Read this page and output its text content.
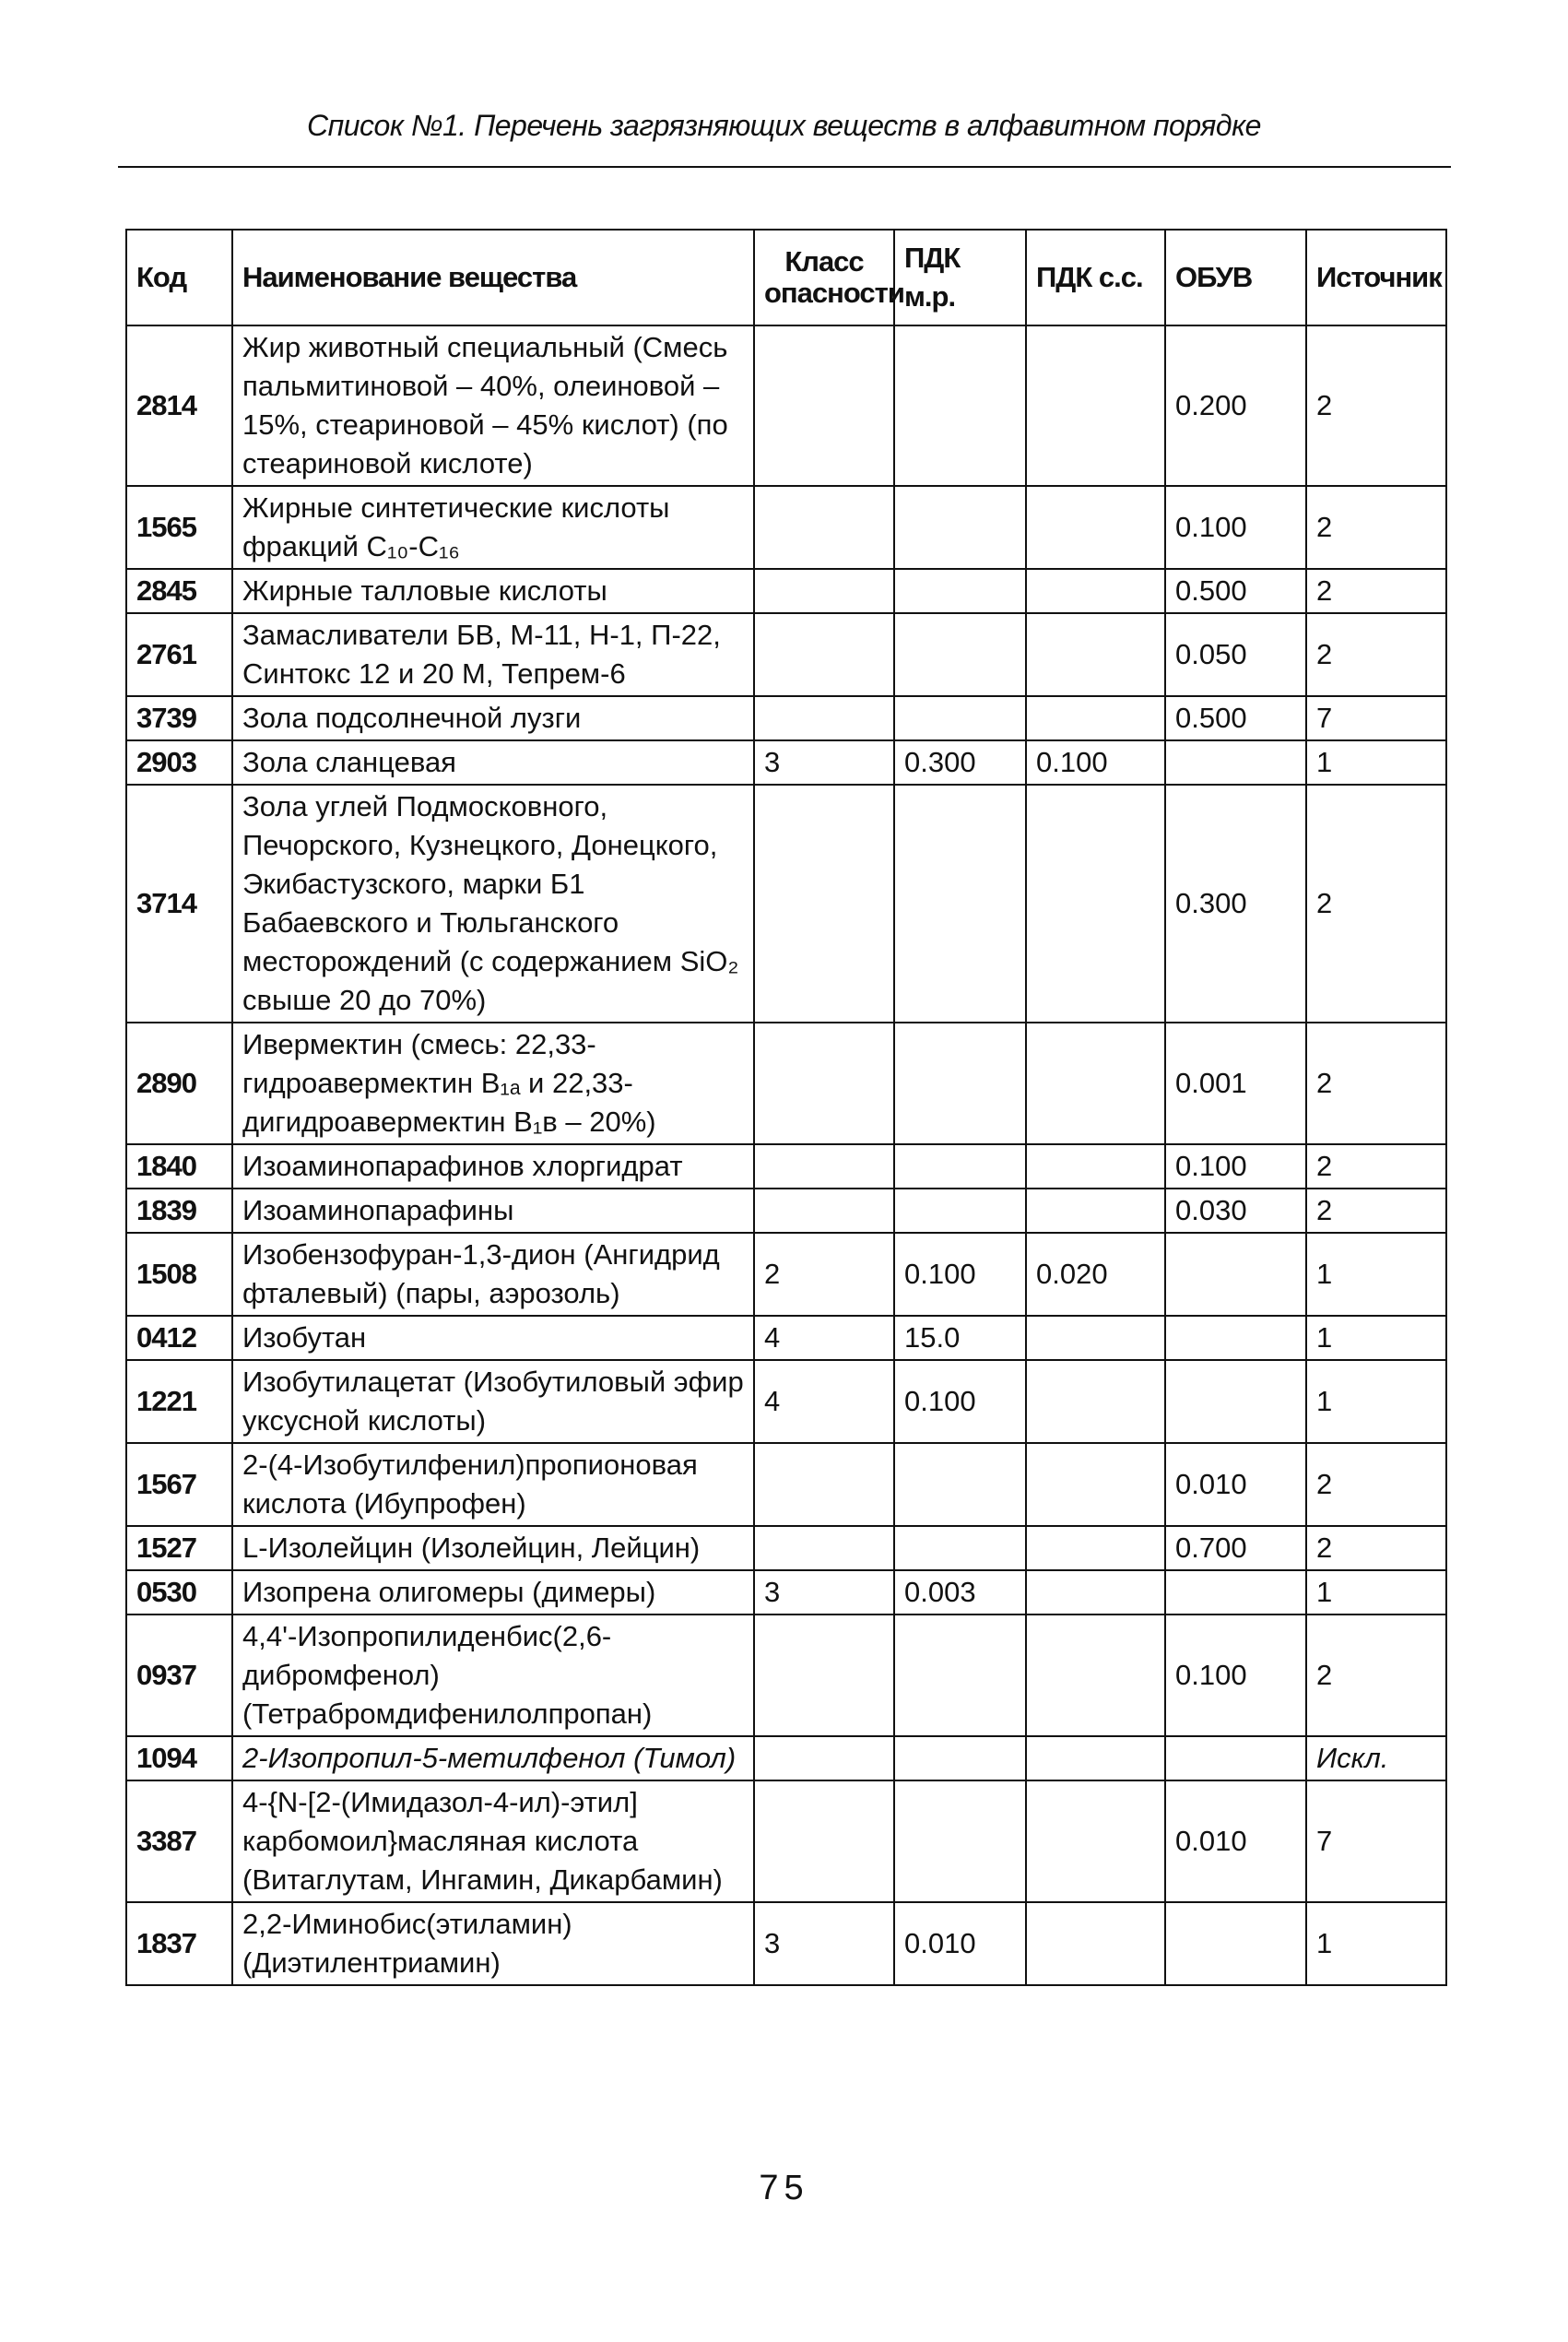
Список №1. Перечень загрязняющих веществ в алфавитном порядке
Код	Наименование вещества	Класс опасности	ПДК м.р.	ПДК с.с.	ОБУВ	Источник
2814	Жир животный специальный (Смесь пальмитиновой – 40%, олеиновой – 15%, стеариновой – 45% кислот) (по стеариновой кислоте)				0.200	2
1565	Жирные синтетические кислоты фракций C₁₀-C₁₆				0.100	2
2845	Жирные талловые кислоты				0.500	2
2761	Замасливатели БВ, М-11, Н-1, П-22, Синтокс 12 и 20 М, Тепрем-6				0.050	2
3739	Зола подсолнечной лузги				0.500	7
2903	Зола сланцевая	3	0.300	0.100		1
3714	Зола углей Подмосковного, Печорского, Кузнецкого, Донецкого, Экибастузского, марки Б1 Бабаевского и Тюльганского месторождений (с содержанием SiO₂ свыше 20 до 70%)				0.300	2
2890	Ивермектин (смесь: 22,33-гидроавермектин B₁ₐ и 22,33-дигидроавермектин B₁в – 20%)				0.001	2
1840	Изоаминопарафинов хлоргидрат				0.100	2
1839	Изоаминопарафины				0.030	2
1508	Изобензофуран-1,3-дион (Ангидрид фталевый) (пары, аэрозоль)	2	0.100	0.020		1
0412	Изобутан	4	15.0			1
1221	Изобутилацетат (Изобутиловый эфир уксусной кислоты)	4	0.100			1
1567	2-(4-Изобутилфенил)пропионовая кислота (Ибупрофен)				0.010	2
1527	L-Изолейцин (Изолейцин, Лейцин)				0.700	2
0530	Изопрена олигомеры (димеры)	3	0.003			1
0937	4,4'-Изопропилиденбис(2,6-дибромфенол) (Тетрабромдифенилолпропан)				0.100	2
1094	2-Изопропил-5-метилфенол (Тимол)					Искл.
3387	4-{N-[2-(Имидазол-4-ил)-этил] карбомоил}масляная кислота (Витаглутам, Ингамин, Дикарбамин)				0.010	7
1837	2,2-Иминобис(этиламин) (Диэтилентриамин)	3	0.010			1
75
